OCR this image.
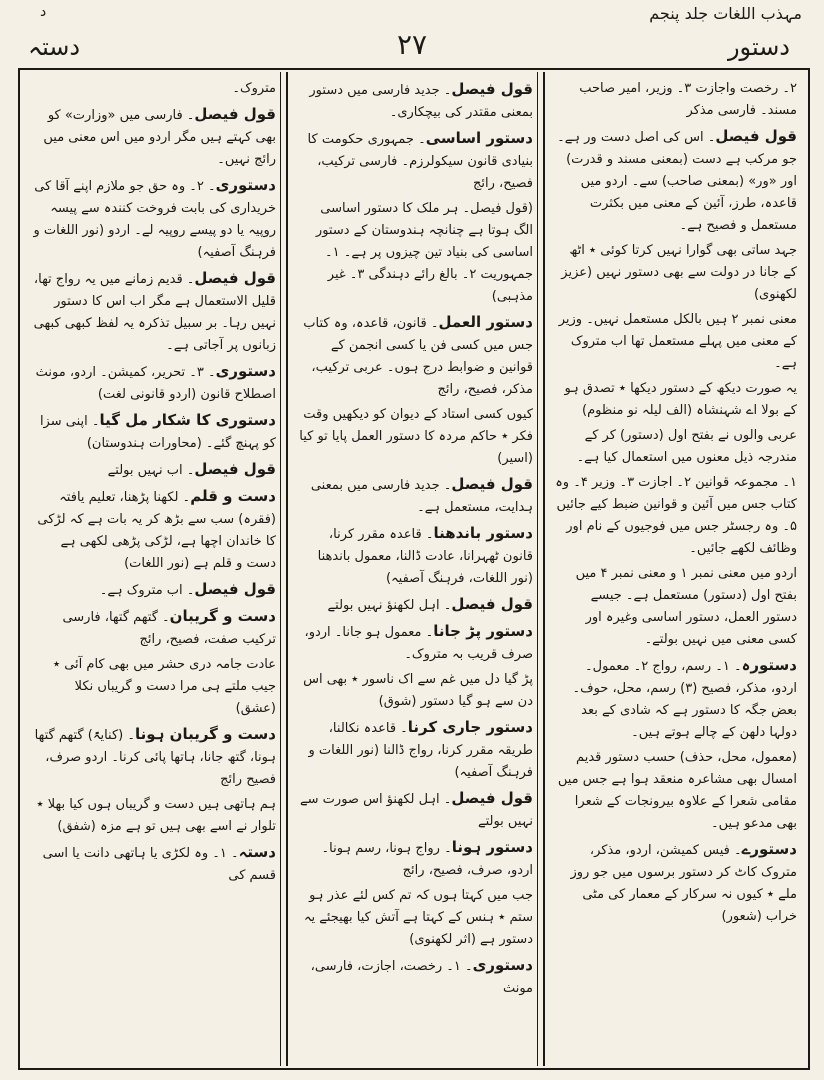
مہذب اللغات جلد پنجم
د
دستور
۲۷
دستہ

۲۔ رخصت واجازت ۳۔ وزیر، امیر صاحب مسند۔ فارسی مذکر

قول فیصل۔ اس کی اصل دست ور ہے۔ جو مرکب ہے دست (بمعنی مسند و قدرت) اور «ور» (بمعنی صاحب) سے۔ اردو میں قاعدہ، طرز، آئین کے معنی میں بکثرت مستعمل و فصیح ہے۔

جہد ساتی بھی گوارا نہیں کرتا کوئی ٭ اٹھ کے جانا در دولت سے بھی دستور نہیں (عزیز لکھنوی)

معنی نمبر ۲ ہیں بالکل مستعمل نہیں۔ وزیر کے معنی میں پہلے مستعمل تھا اب متروک ہے۔

یہ صورت دیکھ کے دستور دیکھا ٭ تصدق ہو کے بولا اے شہنشاہ (الف لیلہ نو منظوم)

عربی والوں نے بفتح اول (دستور) کر کے مندرجہ ذیل معنوں میں استعمال کیا ہے۔

۱۔ مجموعہ قوانین ۲۔ اجازت ۳۔ وزیر ۴۔ وہ کتاب جس میں آئین و قوانین ضبط کیے جائیں ۵۔ وہ رجسٹر جس میں فوجیوں کے نام اور وظائف لکھے جائیں۔

اردو میں معنی نمبر ۱ و معنی نمبر ۴ میں بفتح اول (دستور) مستعمل ہے۔ جیسے دستور العمل، دستور اساسی وغیرہ اور کسی معنی میں نہیں بولتے۔

دستورہ۔ ۱۔ رسم، رواج ۲۔ معمول۔ اردو، مذکر، فصیح (۳) رسم، محل، حوف۔ بعض جگہ کا دستور ہے کہ شادی کے بعد دولہا دلھن کے چالے ہوتے ہیں۔

(معمول، محل، حذف) حسب دستور قدیم امسال بھی مشاعرہ منعقد ہوا ہے جس میں مقامی شعرا کے علاوہ بیرونجات کے شعرا بھی مدعو ہیں۔

دستورے۔ فیس کمیشن، اردو، مذکر، متروک کاٹ کر دستور برسوں میں جو روز ملے ٭ کیوں نہ سرکار کے معمار کی مٹی خراب (شعور)

قول فیصل۔ جدید فارسی میں دستور بمعنی مقتدر کی بیچکاری۔

دستور اساسی۔ جمہوری حکومت کا بنیادی قانون سیکولرزم۔ فارسی ترکیب، فصیح، رائج

(قول فیصل۔ ہر ملک کا دستور اساسی الگ ہوتا ہے چنانچہ ہندوستان کے دستور اساسی کی بنیاد تین چیزوں پر ہے۔ ۱۔ جمہوریت ۲۔ بالغ رائے دہندگی ۳۔ غیر مذہبی)

دستور العمل۔ قانون، قاعدہ، وہ کتاب جس میں کسی فن یا کسی انجمن کے قوانین و ضوابط درج ہوں۔ عربی ترکیب، مذکر، فصیح، رائج

کیوں کسی استاد کے دیوان کو دیکھیں وقت فکر ٭ حاکم مردہ کا دستور العمل پایا تو کیا (اسیر)

قول فیصل۔ جدید فارسی میں بمعنی ہدایت، مستعمل ہے۔

دستور باندھنا۔ قاعدہ مقرر کرنا، قانون ٹھہرانا، عادت ڈالنا، معمول باندھنا (نور اللغات، فرہنگ آصفیہ)

قول فیصل۔ اہل لکھنؤ نہیں بولتے

دستور پڑ جانا۔ معمول ہو جانا۔ اردو، صرف قریب بہ متروک۔

پڑ گیا دل میں غم سے اک ناسور ٭ بھی اس دن سے ہو گیا دستور (شوق)

دستور جاری کرنا۔ قاعدہ نکالنا، طریقہ مقرر کرنا، رواج ڈالنا (نور اللغات و فرہنگ آصفیہ)

قول فیصل۔ اہل لکھنؤ اس صورت سے نہیں بولتے

دستور ہونا۔ رواج ہونا، رسم ہونا۔ اردو، صرف، فصیح، رائج

جب میں کہتا ہوں کہ تم کس لئے عذر ہو ستم ٭ ہنس کے کہتا ہے آتش کیا بھیجئے یہ دستور ہے (اثر لکھنوی)

دستوری۔ ۱۔ رخصت، اجازت، فارسی، مونث

متروک۔

قول فیصل۔ فارسی میں «وزارت» کو بھی کہتے ہیں مگر اردو میں اس معنی میں رائج نہیں۔

دستوری۔ ۲۔ وہ حق جو ملازم اپنے آقا کی خریداری کی بابت فروخت کنندہ سے پیسہ روپیہ یا دو پیسے روپیہ لے۔ اردو (نور اللغات و فرہنگ آصفیہ)

قول فیصل۔ قدیم زمانے میں یہ رواج تھا، قلیل الاستعمال ہے مگر اب اس کا دستور نہیں رہا۔ بر سبیل تذکرہ یہ لفظ کبھی کبھی زبانوں پر آجاتی ہے۔

دستوری۔ ۳۔ تحریر، کمیشن۔ اردو، مونث اصطلاح قانون (اردو قانونی لغت)

دستوری کا شکار مل گیا۔ اپنی سزا کو پہنچ گئے۔ (محاورات ہندوستان)

قول فیصل۔ اب نہیں بولتے

دست و قلم۔ لکھنا پڑھنا، تعلیم یافتہ (فقرہ) سب سے بڑھ کر یہ بات ہے کہ لڑکی کا خاندان اچھا ہے، لڑکی پڑھی لکھی ہے دست و قلم ہے (نور اللغات)

قول فیصل۔ اب متروک ہے۔

دست و گریبان۔ گتھم گتھا، فارسی ترکیب صفت، فصیح، رائج

عادت جامہ دری حشر میں بھی کام آئی ٭ جیب ملتے ہی مرا دست و گریباں نکلا (عشق)

دست و گریبان ہونا۔ (کنایۃً) گتھم گتھا ہونا، گتھ جانا، ہاتھا پائی کرنا۔ اردو صرف، فصیح رائج

ہم ہاتھی ہیں دست و گریباں ہوں کیا بھلا ٭ تلوار نے اسے بھی ہیں تو ہے مزہ (شفق)

دستہ۔ ۱۔ وہ لکڑی یا ہاتھی دانت یا اسی قسم کی
